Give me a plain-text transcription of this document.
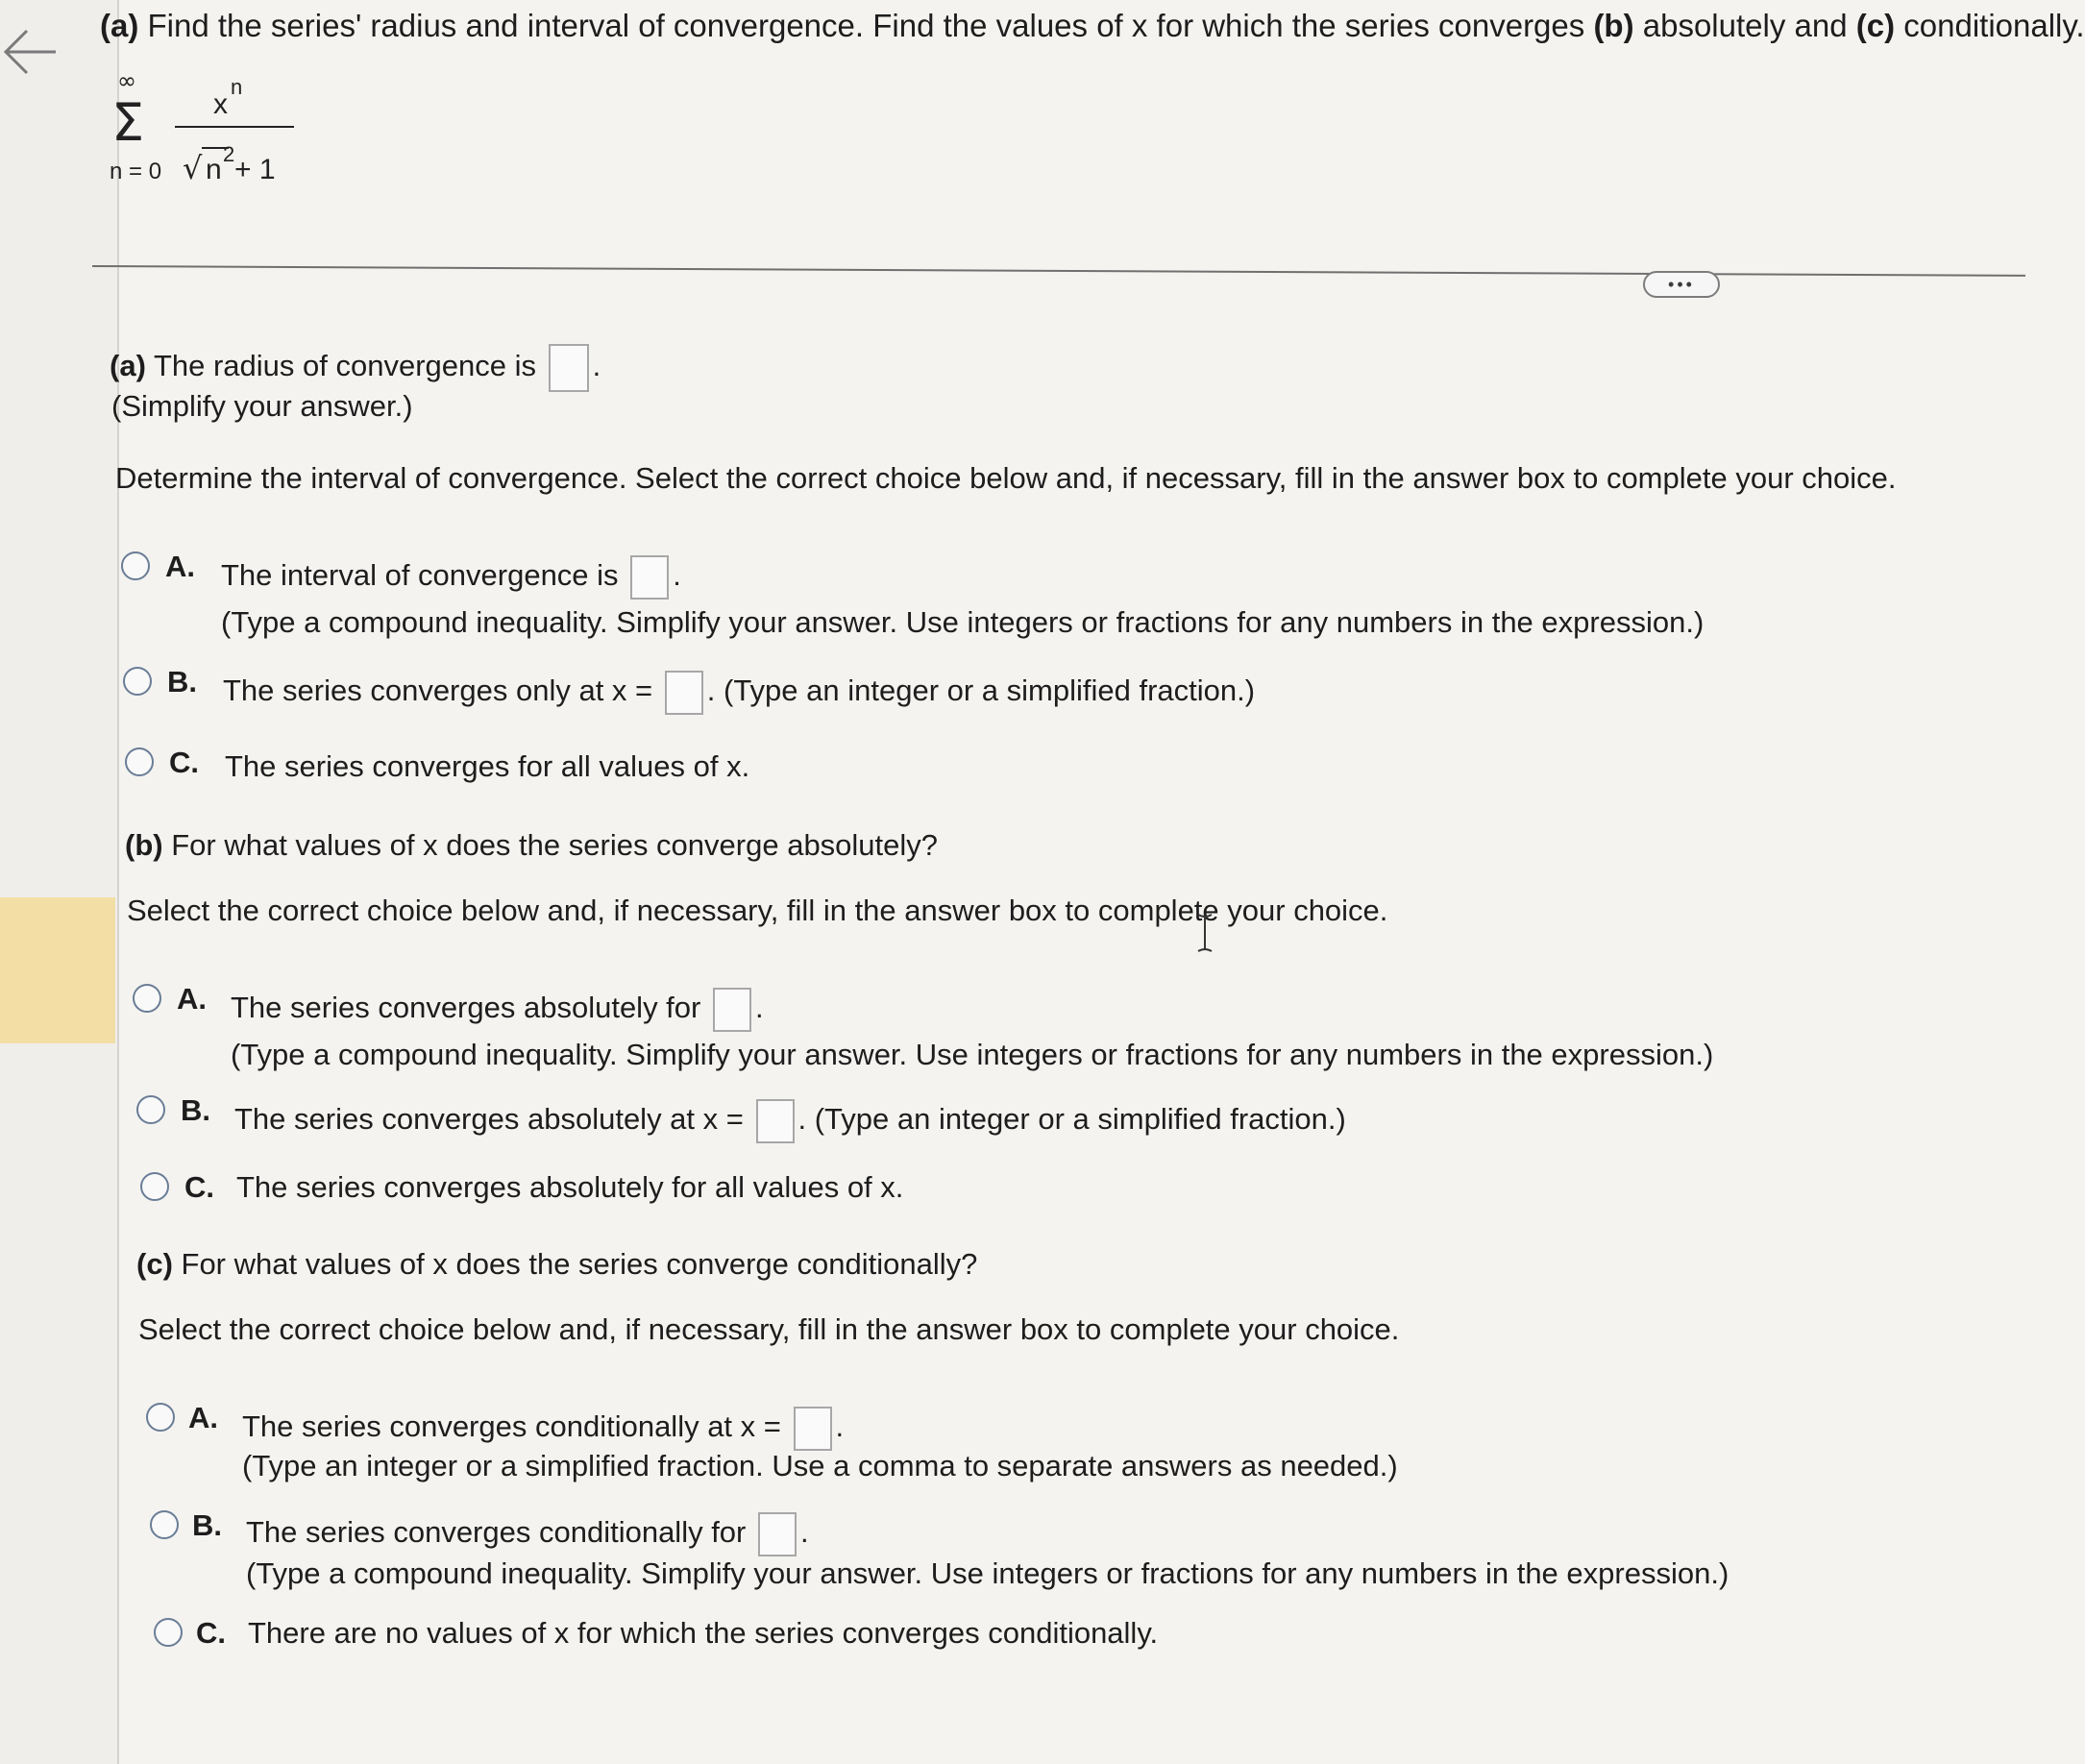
(a) Find the series' radius and interval of convergence. Find the values of x for which the series converges (b) absolutely and (c) conditionally.
∞
Σ
n = 0
x
n
√ n 2 + 1
•••
(a) The radius of convergence is .
(Simplify your answer.)
Determine the interval of convergence. Select the correct choice below and, if necessary, fill in the answer box to complete your choice.
A. The interval of convergence is .
(Type a compound inequality. Simplify your answer. Use integers or fractions for any numbers in the expression.)
B. The series converges only at x = . (Type an integer or a simplified fraction.)
C. The series converges for all values of x.
(b) For what values of x does the series converge absolutely?
Select the correct choice below and, if necessary, fill in the answer box to complete your choice.
A. The series converges absolutely for .
(Type a compound inequality. Simplify your answer. Use integers or fractions for any numbers in the expression.)
B. The series converges absolutely at x = . (Type an integer or a simplified fraction.)
C. The series converges absolutely for all values of x.
(c) For what values of x does the series converge conditionally?
Select the correct choice below and, if necessary, fill in the answer box to complete your choice.
A. The series converges conditionally at x = .
(Type an integer or a simplified fraction. Use a comma to separate answers as needed.)
B. The series converges conditionally for .
(Type a compound inequality. Simplify your answer. Use integers or fractions for any numbers in the expression.)
C. There are no values of x for which the series converges conditionally.
